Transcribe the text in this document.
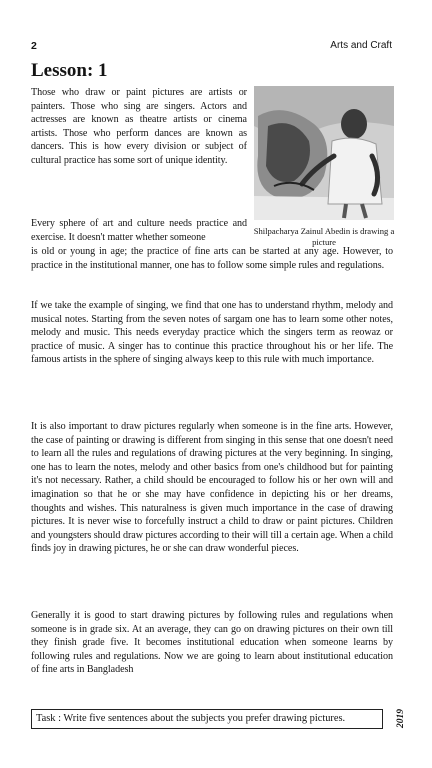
2	Arts and Craft
Lesson: 1

Those who draw or paint pictures are artists or painters. Those who sing are singers. Actors and actresses are known as theatre artists or cinema artists. Those who perform dances are known as dancers. This is how every division or subject of cultural practice has some sort of unique identity.

Every sphere of art and culture needs practice and exercise. It doesn't matter whether someone

Shilpacharya Zainul Abedin is drawing a picture

is old or young in age; the practice of fine arts can be started at any age. However, to practice in the institutional manner, one has to follow some simple rules and regulations.

If we take the example of singing, we find that one has to understand rhythm, melody and musical notes. Starting from the seven notes of sargam one has to learn some other notes, melody and music. This needs everyday practice which the singers term as reowaz or practice of music. A singer has to continue this practice throughout his or her life. The famous artists in the sphere of singing always keep to this rule with much importance.

It is also important to draw pictures regularly when someone is in the fine arts. However, the case of painting or drawing is different from singing in this sense that one doesn't need to learn all the rules and regulations of drawing pictures at the very beginning. In singing, one has to learn the notes, melody and other basics from one's childhood but for painting it's not necessary. Rather, a child should be encouraged to follow his or her own will and imagination so that he or she may have confidence in depicting his or her dreams, thoughts and wishes. This naturalness is given much importance in the case of drawing pictures. It is never wise to forcefully instruct a child to draw or paint pictures. Children and youngsters should draw pictures according to their will till a certain age. When a child finds joy in drawing pictures, he or she can draw wonderful pieces.

Generally it is good to start drawing pictures by following rules and regulations when someone is in grade six. At an average, they can go on drawing pictures on their own till they finish grade five. It becomes institutional education when someone learns by following rules and regulations. Now we are going to learn about institutional education of fine arts in Bangladesh

Task : Write five sentences about the subjects you prefer drawing pictures.	2019
